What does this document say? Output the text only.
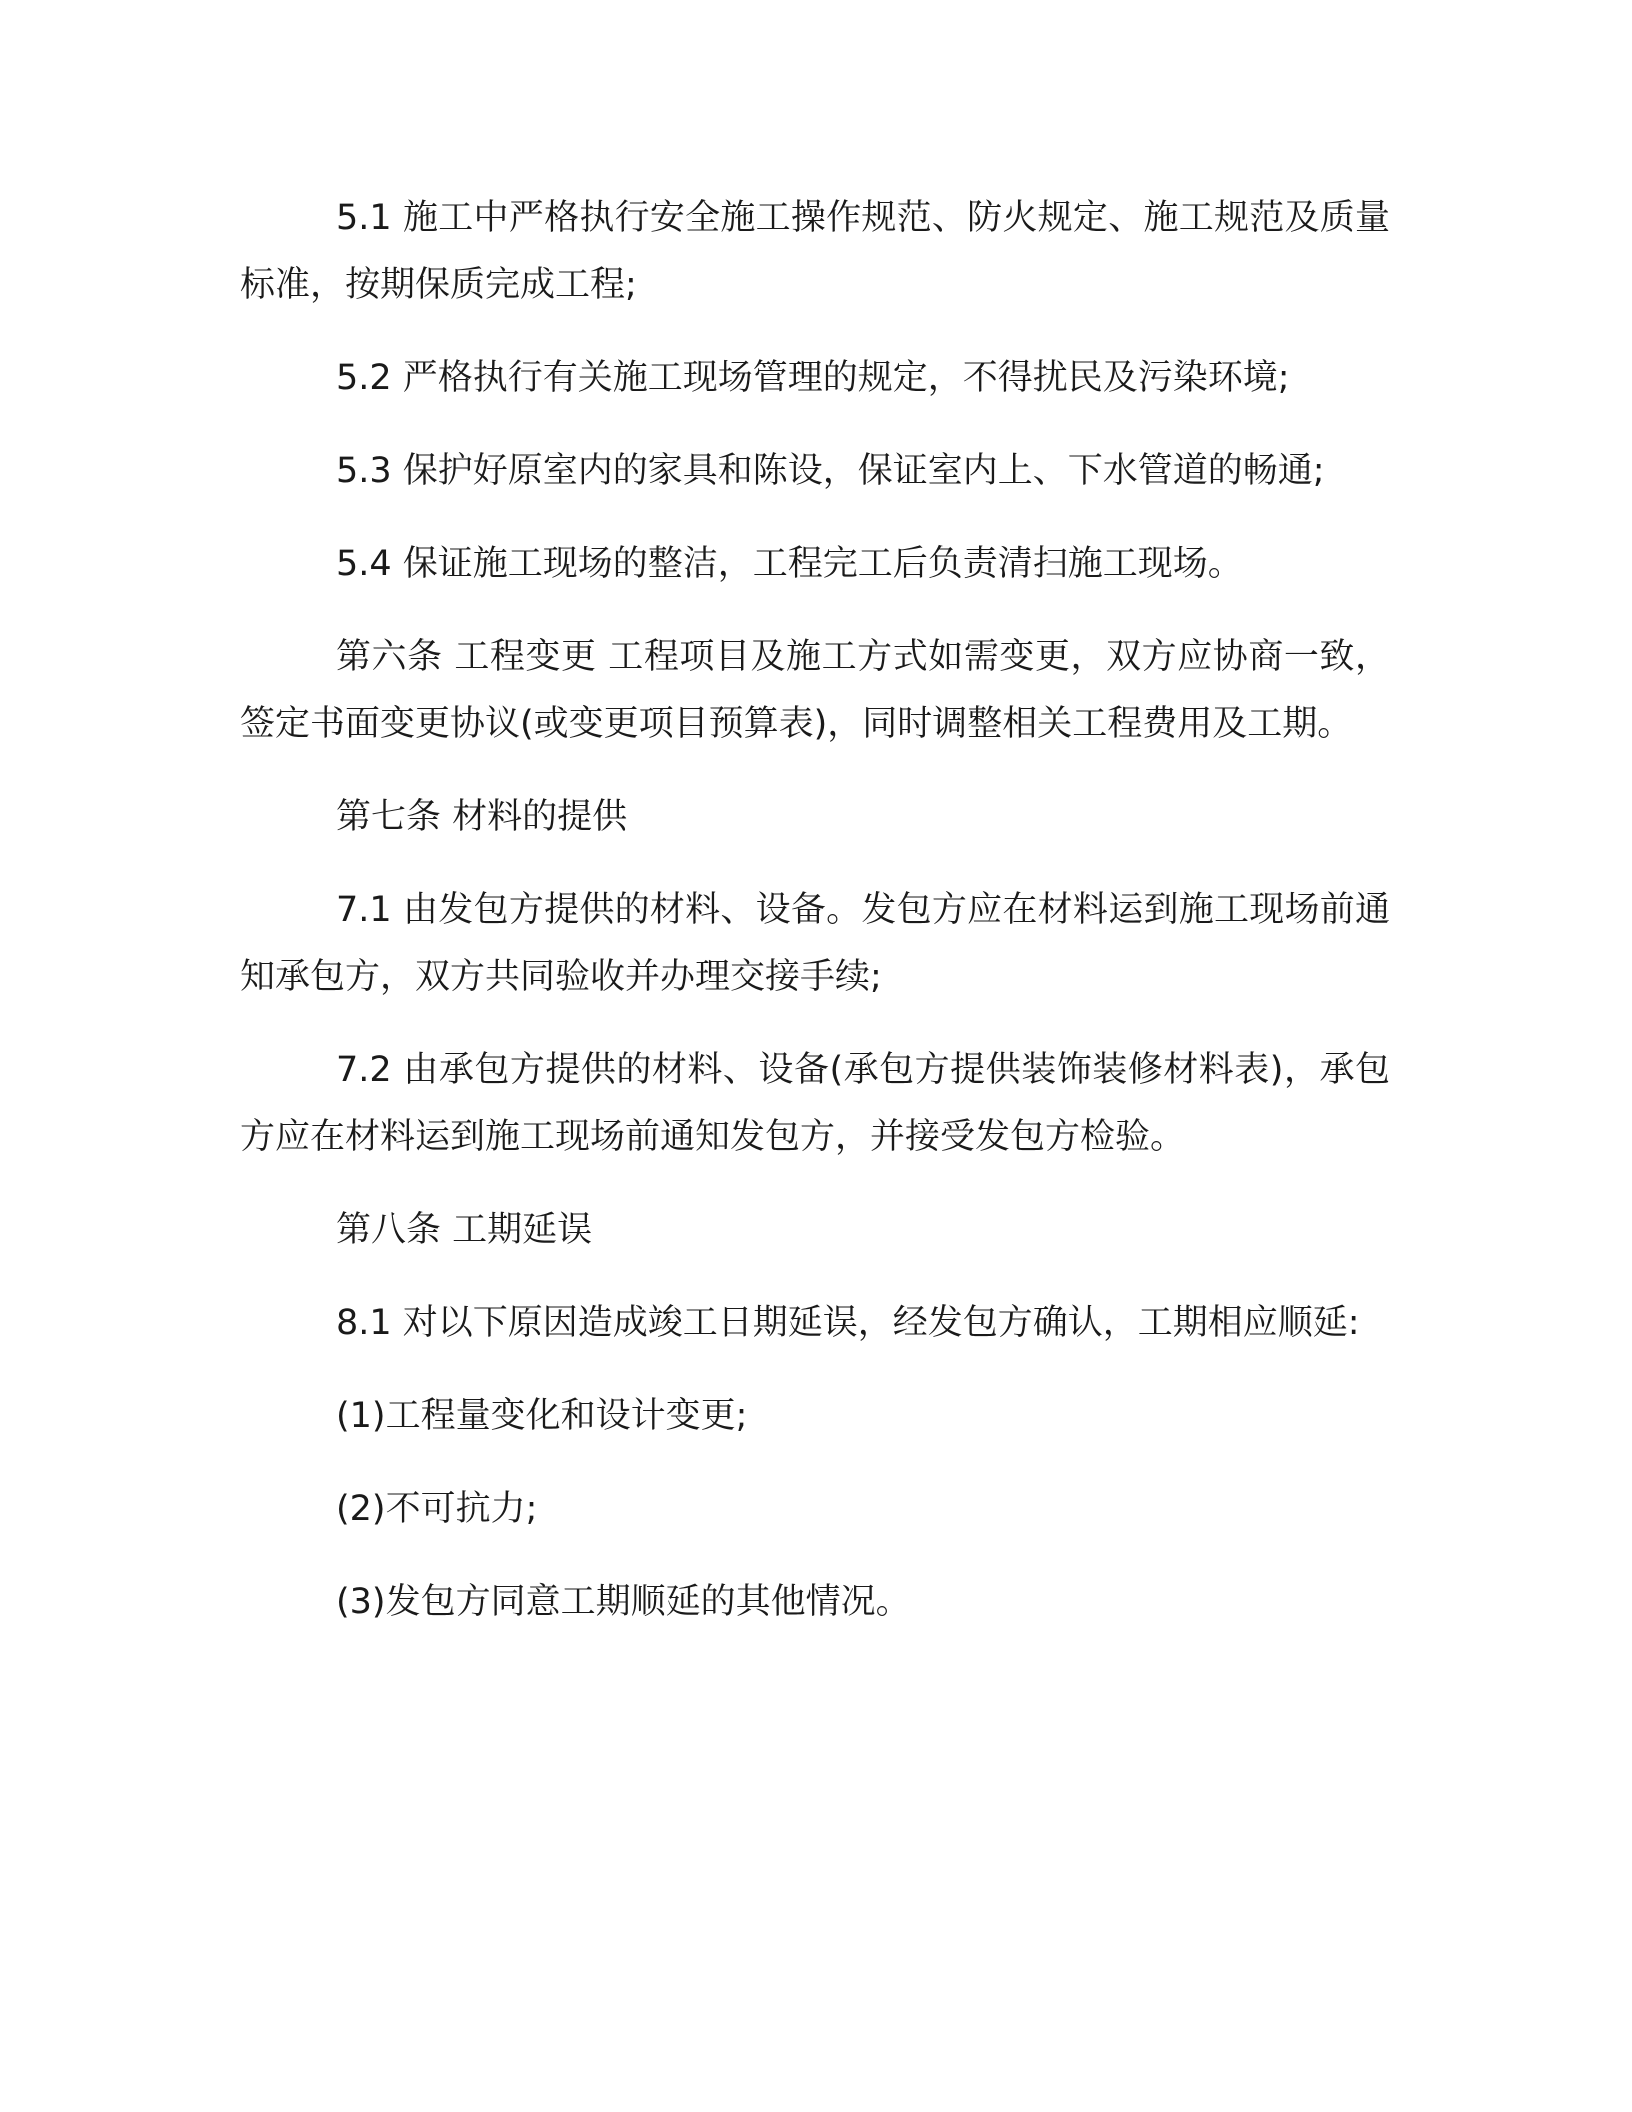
5.1 施工中严格执行安全施工操作规范、防火规定、施工规范及质量标准，按期保质完成工程;

5.2 严格执行有关施工现场管理的规定，不得扰民及污染环境;

5.3 保护好原室内的家具和陈设，保证室内上、下水管道的畅通;

5.4 保证施工现场的整洁，工程完工后负责清扫施工现场。

第六条 工程变更 工程项目及施工方式如需变更，双方应协商一致，签定书面变更协议(或变更项目预算表)，同时调整相关工程费用及工期。

第七条 材料的提供

7.1 由发包方提供的材料、设备。发包方应在材料运到施工现场前通知承包方，双方共同验收并办理交接手续;

7.2 由承包方提供的材料、设备(承包方提供装饰装修材料表)，承包方应在材料运到施工现场前通知发包方，并接受发包方检验。

第八条 工期延误

8.1 对以下原因造成竣工日期延误，经发包方确认，工期相应顺延:

(1)工程量变化和设计变更;

(2)不可抗力;

(3)发包方同意工期顺延的其他情况。
